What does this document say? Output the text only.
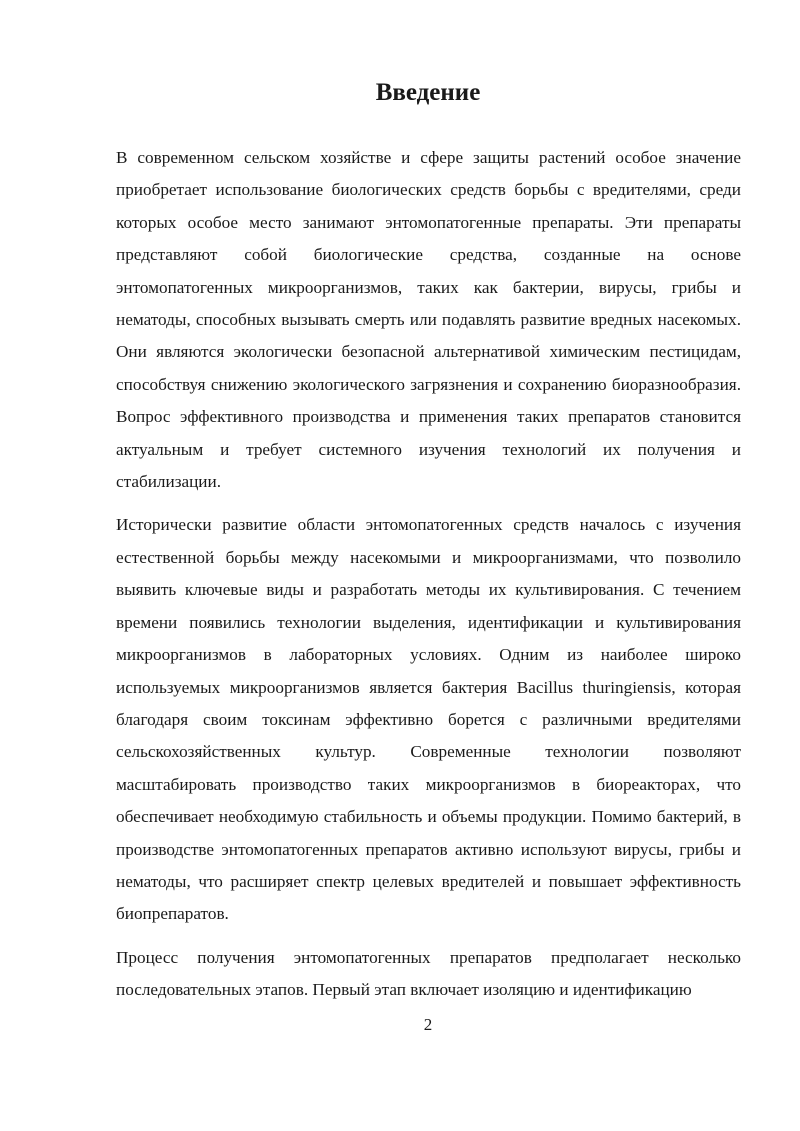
Введение

В современном сельском хозяйстве и сфере защиты растений особое значение приобретает использование биологических средств борьбы с вредителями, среди которых особое место занимают энтомопатогенные препараты. Эти препараты представляют собой биологические средства, созданные на основе энтомопатогенных микроорганизмов, таких как бактерии, вирусы, грибы и нематоды, способных вызывать смерть или подавлять развитие вредных насекомых. Они являются экологически безопасной альтернативой химическим пестицидам, способствуя снижению экологического загрязнения и сохранению биоразнообразия. Вопрос эффективного производства и применения таких препаратов становится актуальным и требует системного изучения технологий их получения и стабилизации.

Исторически развитие области энтомопатогенных средств началось с изучения естественной борьбы между насекомыми и микроорганизмами, что позволило выявить ключевые виды и разработать методы их культивирования. С течением времени появились технологии выделения, идентификации и культивирования микроорганизмов в лабораторных условиях. Одним из наиболее широко используемых микроорганизмов является бактерия Bacillus thuringiensis, которая благодаря своим токсинам эффективно борется с различными вредителями сельскохозяйственных культур. Современные технологии позволяют масштабировать производство таких микроорганизмов в биореакторах, что обеспечивает необходимую стабильность и объемы продукции. Помимо бактерий, в производстве энтомопатогенных препаратов активно используют вирусы, грибы и нематоды, что расширяет спектр целевых вредителей и повышает эффективность биопрепаратов.

Процесс получения энтомопатогенных препаратов предполагает несколько последовательных этапов. Первый этап включает изоляцию и идентификацию

2
